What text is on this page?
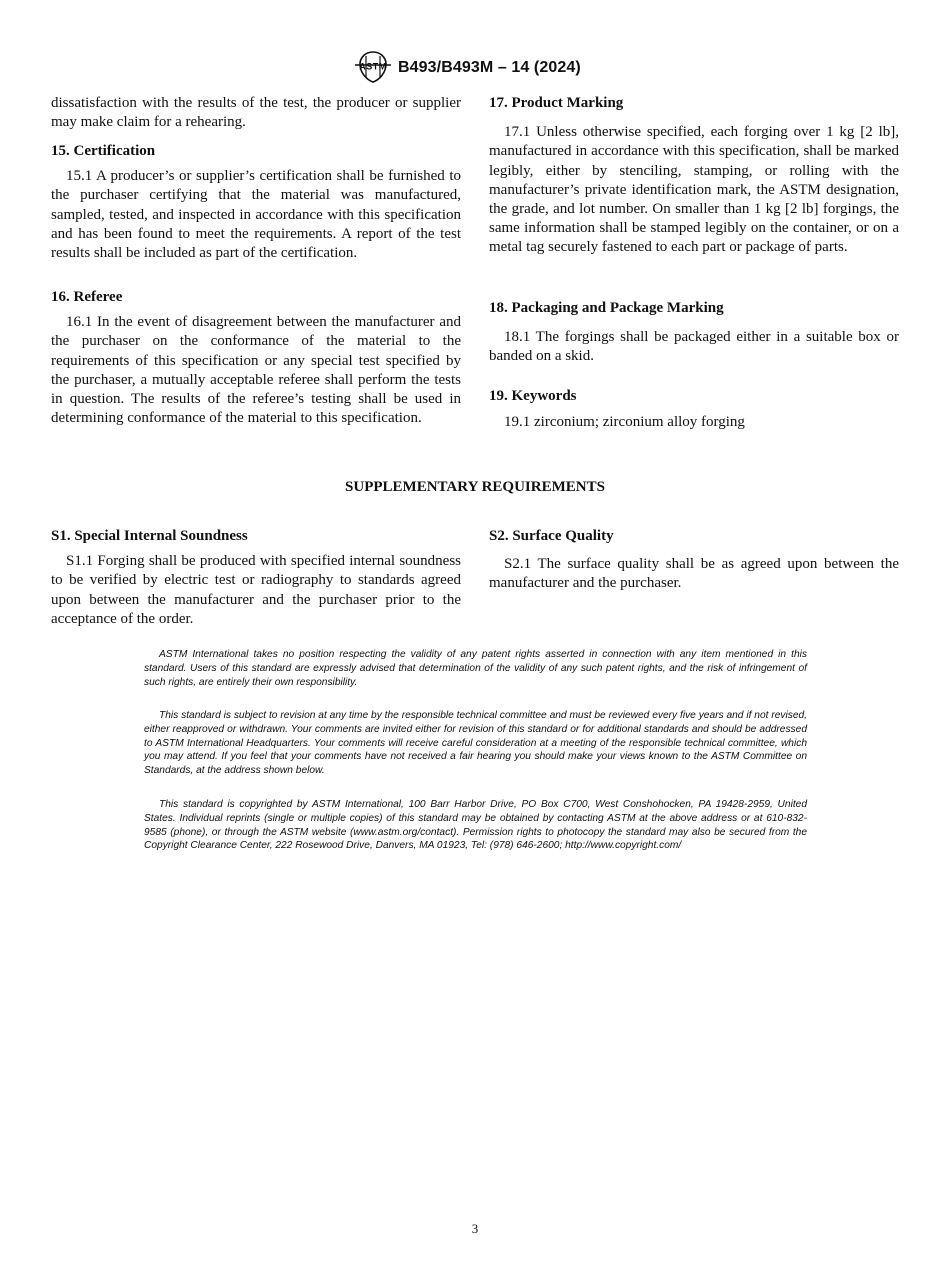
ASTM B493/B493M – 14 (2024)

dissatisfaction with the results of the test, the producer or supplier may make claim for a rehearing.

15. Certification

15.1 A producer’s or supplier’s certification shall be furnished to the purchaser certifying that the material was manufactured, sampled, tested, and inspected in accordance with this specification and has been found to meet the requirements. A report of the test results shall be included as part of the certification.

16. Referee

16.1 In the event of disagreement between the manufacturer and the purchaser on the conformance of the material to the requirements of this specification or any special test specified by the purchaser, a mutually acceptable referee shall perform the tests in question. The results of the referee’s testing shall be used in determining conformance of the material to this specification.

17. Product Marking

17.1 Unless otherwise specified, each forging over 1 kg [2 lb], manufactured in accordance with this specification, shall be marked legibly, either by stenciling, stamping, or rolling with the manufacturer’s private identification mark, the ASTM designation, the grade, and lot number. On smaller than 1 kg [2 lb] forgings, the same information shall be stamped legibly on the container, or on a metal tag securely fastened to each part or package of parts.

18. Packaging and Package Marking

18.1 The forgings shall be packaged either in a suitable box or banded on a skid.

19. Keywords

19.1 zirconium; zirconium alloy forging

SUPPLEMENTARY REQUIREMENTS
S1. Special Internal Soundness

S1.1 Forging shall be produced with specified internal soundness to be verified by electric test or radiography to standards agreed upon between the manufacturer and the purchaser prior to the acceptance of the order.

S2. Surface Quality

S2.1 The surface quality shall be as agreed upon between the manufacturer and the purchaser.

ASTM International takes no position respecting the validity of any patent rights asserted in connection with any item mentioned in this standard. Users of this standard are expressly advised that determination of the validity of any such patent rights, and the risk of infringement of such rights, are entirely their own responsibility.

This standard is subject to revision at any time by the responsible technical committee and must be reviewed every five years and if not revised, either reapproved or withdrawn. Your comments are invited either for revision of this standard or for additional standards and should be addressed to ASTM International Headquarters. Your comments will receive careful consideration at a meeting of the responsible technical committee, which you may attend. If you feel that your comments have not received a fair hearing you should make your views known to the ASTM Committee on Standards, at the address shown below.

This standard is copyrighted by ASTM International, 100 Barr Harbor Drive, PO Box C700, West Conshohocken, PA 19428-2959, United States. Individual reprints (single or multiple copies) of this standard may be obtained by contacting ASTM at the above address or at 610-832-9585 (phone), or through the ASTM website (www.astm.org/contact). Permission rights to photocopy the standard may also be secured from the Copyright Clearance Center, 222 Rosewood Drive, Danvers, MA 01923, Tel: (978) 646-2600; http://www.copyright.com/

3
